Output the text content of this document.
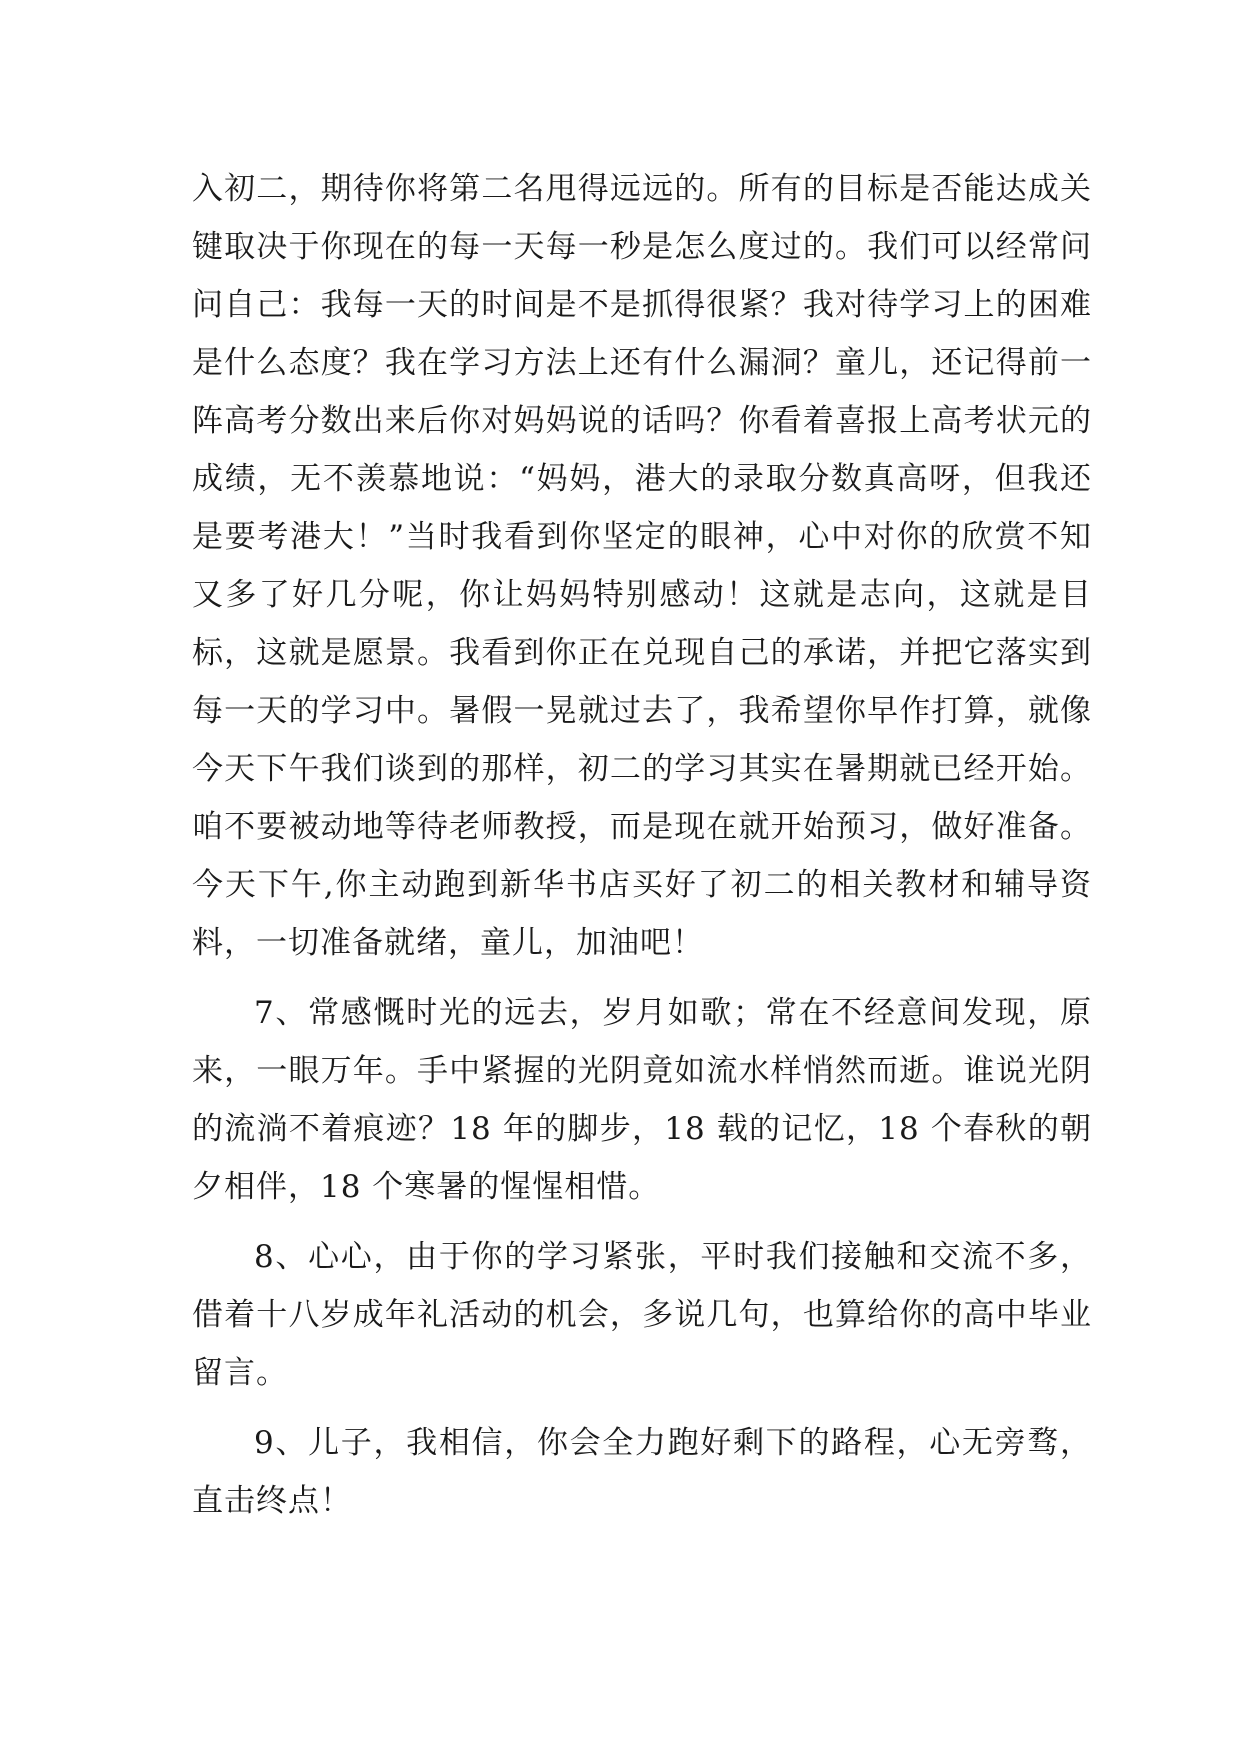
入初二，期待你将第二名甩得远远的。所有的目标是否能达成关键取决于你现在的每一天每一秒是怎么度过的。我们可以经常问问自己：我每一天的时间是不是抓得很紧？我对待学习上的困难是什么态度？我在学习方法上还有什么漏洞？童儿，还记得前一阵高考分数出来后你对妈妈说的话吗？你看着喜报上高考状元的成绩，无不羡慕地说：“妈妈，港大的录取分数真高呀，但我还是要考港大！”当时我看到你坚定的眼神，心中对你的欣赏不知又多了好几分呢，你让妈妈特别感动！这就是志向，这就是目标，这就是愿景。我看到你正在兑现自己的承诺，并把它落实到每一天的学习中。暑假一晃就过去了，我希望你早作打算，就像今天下午我们谈到的那样，初二的学习其实在暑期就已经开始。咱不要被动地等待老师教授，而是现在就开始预习，做好准备。今天下午,你主动跑到新华书店买好了初二的相关教材和辅导资料，一切准备就绪，童儿，加油吧！

7、常感慨时光的远去，岁月如歌；常在不经意间发现，原来，一眼万年。手中紧握的光阴竟如流水样悄然而逝。谁说光阴的流淌不着痕迹？18 年的脚步，18 载的记忆，18 个春秋的朝夕相伴，18 个寒暑的惺惺相惜。

8、心心，由于你的学习紧张，平时我们接触和交流不多，借着十八岁成年礼活动的机会，多说几句，也算给你的高中毕业留言。

9、儿子，我相信，你会全力跑好剩下的路程，心无旁骛，直击终点！
